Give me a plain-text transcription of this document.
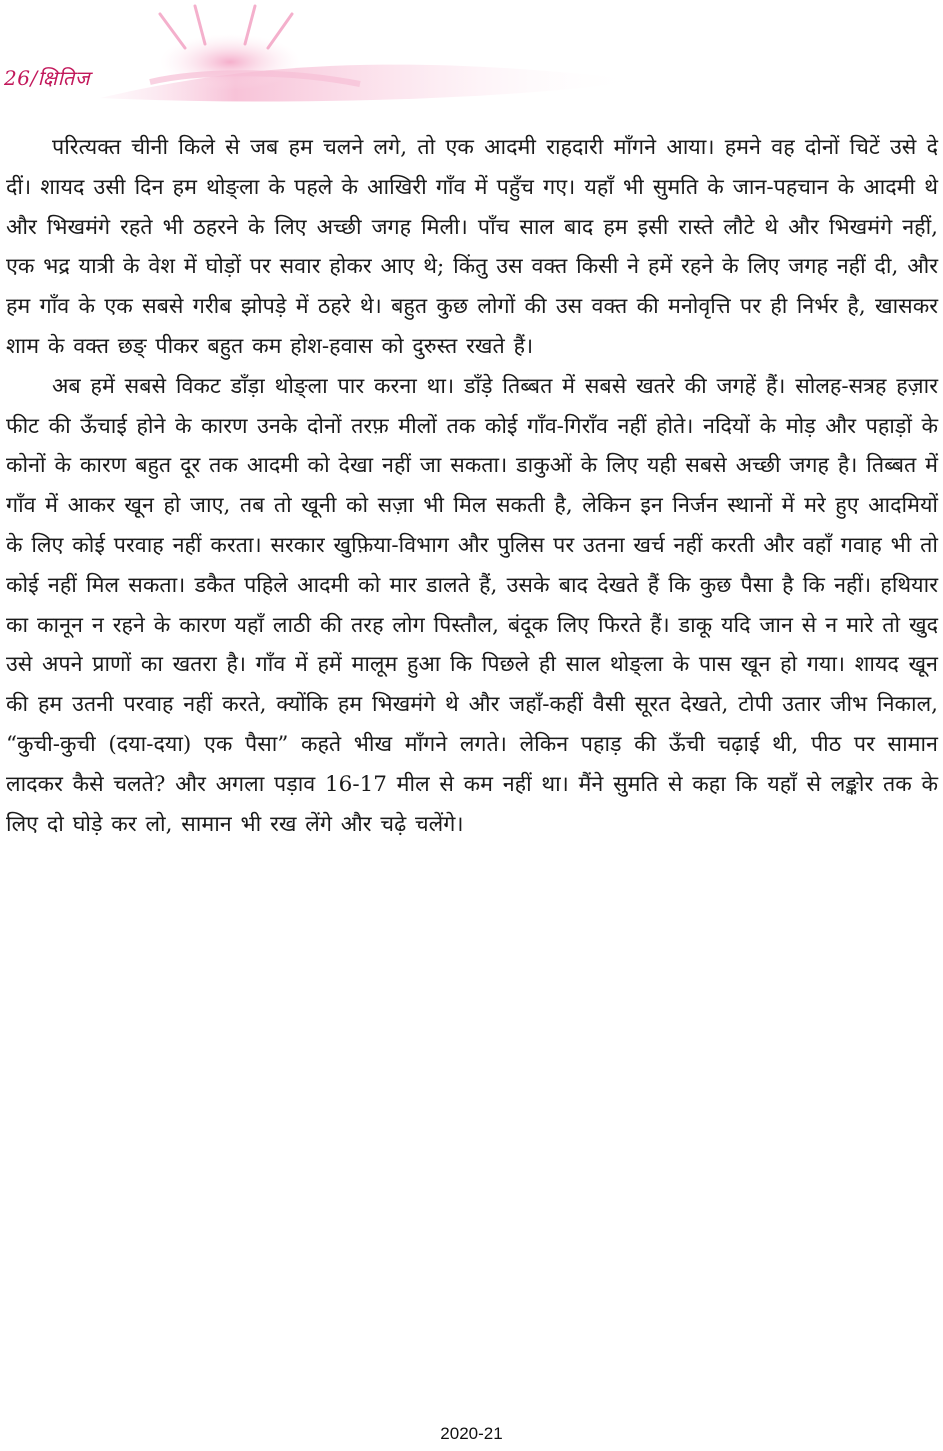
26/क्षितिज

परित्यक्त चीनी किले से जब हम चलने लगे, तो एक आदमी राहदारी माँगने आया। हमने वह दोनों चिटें उसे दे दीं। शायद उसी दिन हम थोङ्ला के पहले के आखिरी गाँव में पहुँच गए। यहाँ भी सुमति के जान-पहचान के आदमी थे और भिखमंगे रहते भी ठहरने के लिए अच्छी जगह मिली। पाँच साल बाद हम इसी रास्ते लौटे थे और भिखमंगे नहीं, एक भद्र यात्री के वेश में घोड़ों पर सवार होकर आए थे; किंतु उस वक्त किसी ने हमें रहने के लिए जगह नहीं दी, और हम गाँव के एक सबसे गरीब झोपड़े में ठहरे थे। बहुत कुछ लोगों की उस वक्त की मनोवृत्ति पर ही निर्भर है, खासकर शाम के वक्त छङ् पीकर बहुत कम होश-हवास को दुरुस्त रखते हैं।

अब हमें सबसे विकट डाँड़ा थोङ्ला पार करना था। डाँड़े तिब्बत में सबसे खतरे की जगहें हैं। सोलह-सत्रह हज़ार फीट की ऊँचाई होने के कारण उनके दोनों तरफ़ मीलों तक कोई गाँव-गिराँव नहीं होते। नदियों के मोड़ और पहाड़ों के कोनों के कारण बहुत दूर तक आदमी को देखा नहीं जा सकता। डाकुओं के लिए यही सबसे अच्छी जगह है। तिब्बत में गाँव में आकर खून हो जाए, तब तो खूनी को सज़ा भी मिल सकती है, लेकिन इन निर्जन स्थानों में मरे हुए आदमियों के लिए कोई परवाह नहीं करता। सरकार खुफ़िया-विभाग और पुलिस पर उतना खर्च नहीं करती और वहाँ गवाह भी तो कोई नहीं मिल सकता। डकैत पहिले आदमी को मार डालते हैं, उसके बाद देखते हैं कि कुछ पैसा है कि नहीं। हथियार का कानून न रहने के कारण यहाँ लाठी की तरह लोग पिस्तौल, बंदूक लिए फिरते हैं। डाकू यदि जान से न मारे तो खुद उसे अपने प्राणों का खतरा है। गाँव में हमें मालूम हुआ कि पिछले ही साल थोङ्ला के पास खून हो गया। शायद खून की हम उतनी परवाह नहीं करते, क्योंकि हम भिखमंगे थे और जहाँ-कहीं वैसी सूरत देखते, टोपी उतार जीभ निकाल, “कुची-कुची (दया-दया) एक पैसा” कहते भीख माँगने लगते। लेकिन पहाड़ की ऊँची चढ़ाई थी, पीठ पर सामान लादकर कैसे चलते? और अगला पड़ाव 16-17 मील से कम नहीं था। मैंने सुमति से कहा कि यहाँ से लङ्कोर तक के लिए दो घोड़े कर लो, सामान भी रख लेंगे और चढ़े चलेंगे।

2020-21
